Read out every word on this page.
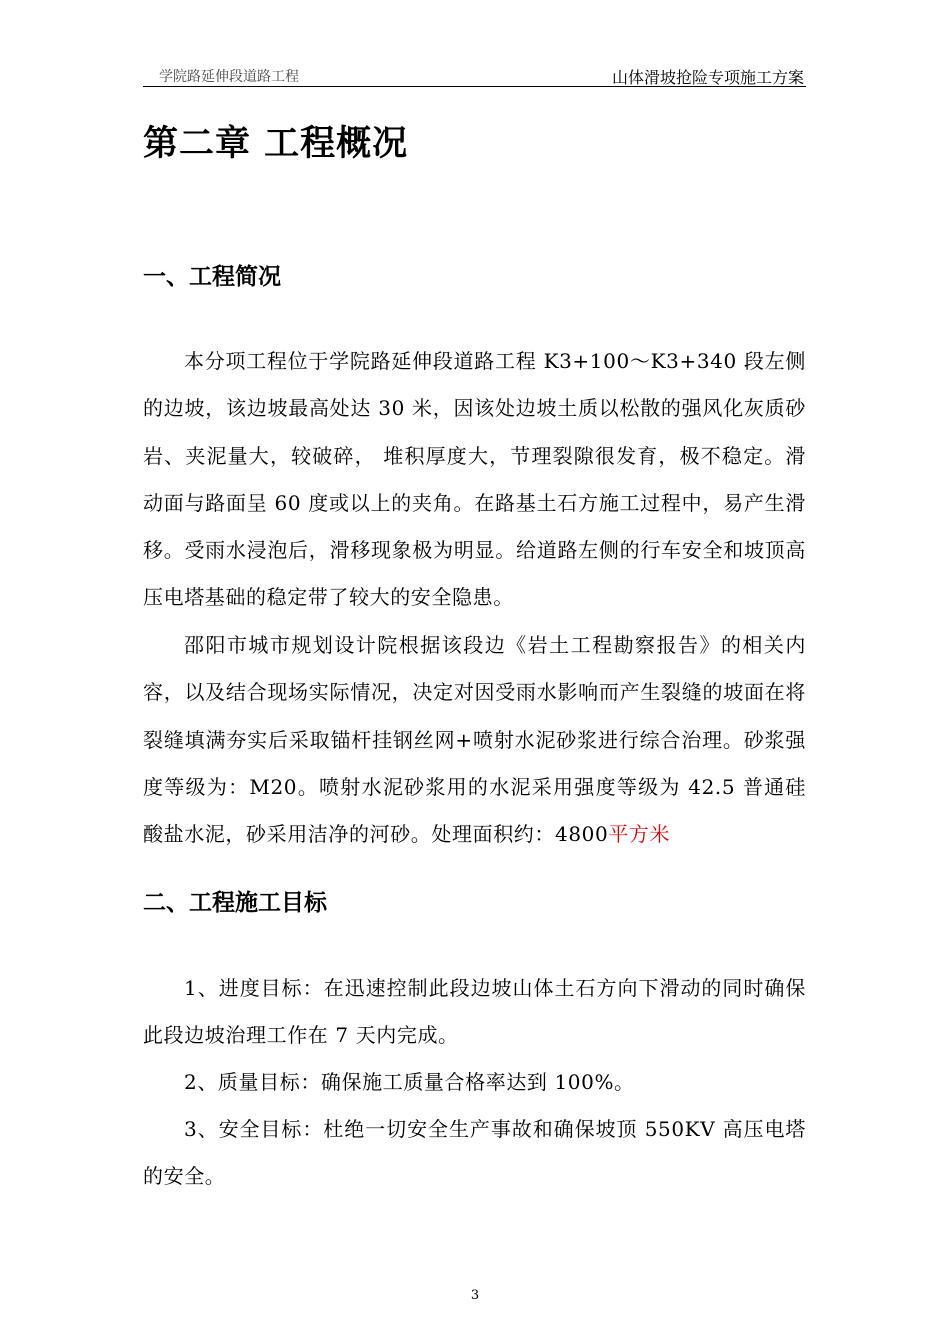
学院路延伸段道路工程	山体滑坡抢险专项施工方案
第二章 工程概况
一、工程简况

本分项工程位于学院路延伸段道路工程 K3+100～K3+340 段左侧的边坡，该边坡最高处达 30 米，因该处边坡土质以松散的强风化灰质砂岩、夹泥量大，较破碎， 堆积厚度大，节理裂隙很发育，极不稳定。滑动面与路面呈 60 度或以上的夹角。在路基土石方施工过程中，易产生滑移。受雨水浸泡后，滑移现象极为明显。给道路左侧的行车安全和坡顶高压电塔基础的稳定带了较大的安全隐患。

邵阳市城市规划设计院根据该段边《岩土工程勘察报告》的相关内容，以及结合现场实际情况，决定对因受雨水影响而产生裂缝的坡面在将裂缝填满夯实后采取锚杆挂钢丝网+喷射水泥砂浆进行综合治理。砂浆强度等级为：M20。喷射水泥砂浆用的水泥采用强度等级为 42.5 普通硅酸盐水泥，砂采用洁净的河砂。处理面积约：4800平方米

二、工程施工目标

1、进度目标：在迅速控制此段边坡山体土石方向下滑动的同时确保此段边坡治理工作在 7 天内完成。

2、质量目标：确保施工质量合格率达到 100%。

3、安全目标：杜绝一切安全生产事故和确保坡顶 550KV 高压电塔的安全。

3
